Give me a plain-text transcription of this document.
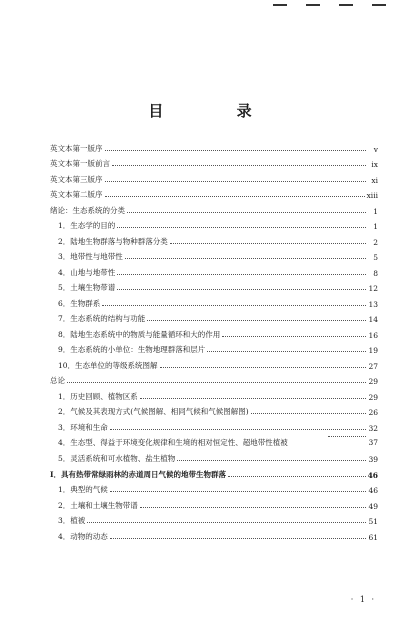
目 录
英文本第一版序	v
英文本第一版前言	ix
英文本第三版序	xi
英文本第二版序	xiii
绪论：生态系统的分类	1
1．生态学的目的	1
2．陆地生物群落与物种群落分类	2
3．地带性与地带性	5
4．山地与地带性	8
5．土壤生物带谱	12
6．生物群系	13
7．生态系统的结构与功能	14
8．陆地生态系统中的物质与能量循环和大的作用	16
9．生态系统的小单位：生物地理群落和层片	19
10．生态单位的等级系统图解	27
总论	29
1．历史回顾、植物区系	29
2．气候及其表现方式(气候图解、相同气候和气候图解图)	26
3．环境和生命	32
4．生态型、得益于环境变化规律和生境的相对恒定性、超地带性植被	37
5．灵活系统和可水植物、盐生植物	39
I．具有热带常绿雨林的赤道周日气候的地带生物群落	46
1．典型的气候	46
2．土壤和土壤生物带谱	49
3．植被	51
4．动物的动态	61
· 1 ·
